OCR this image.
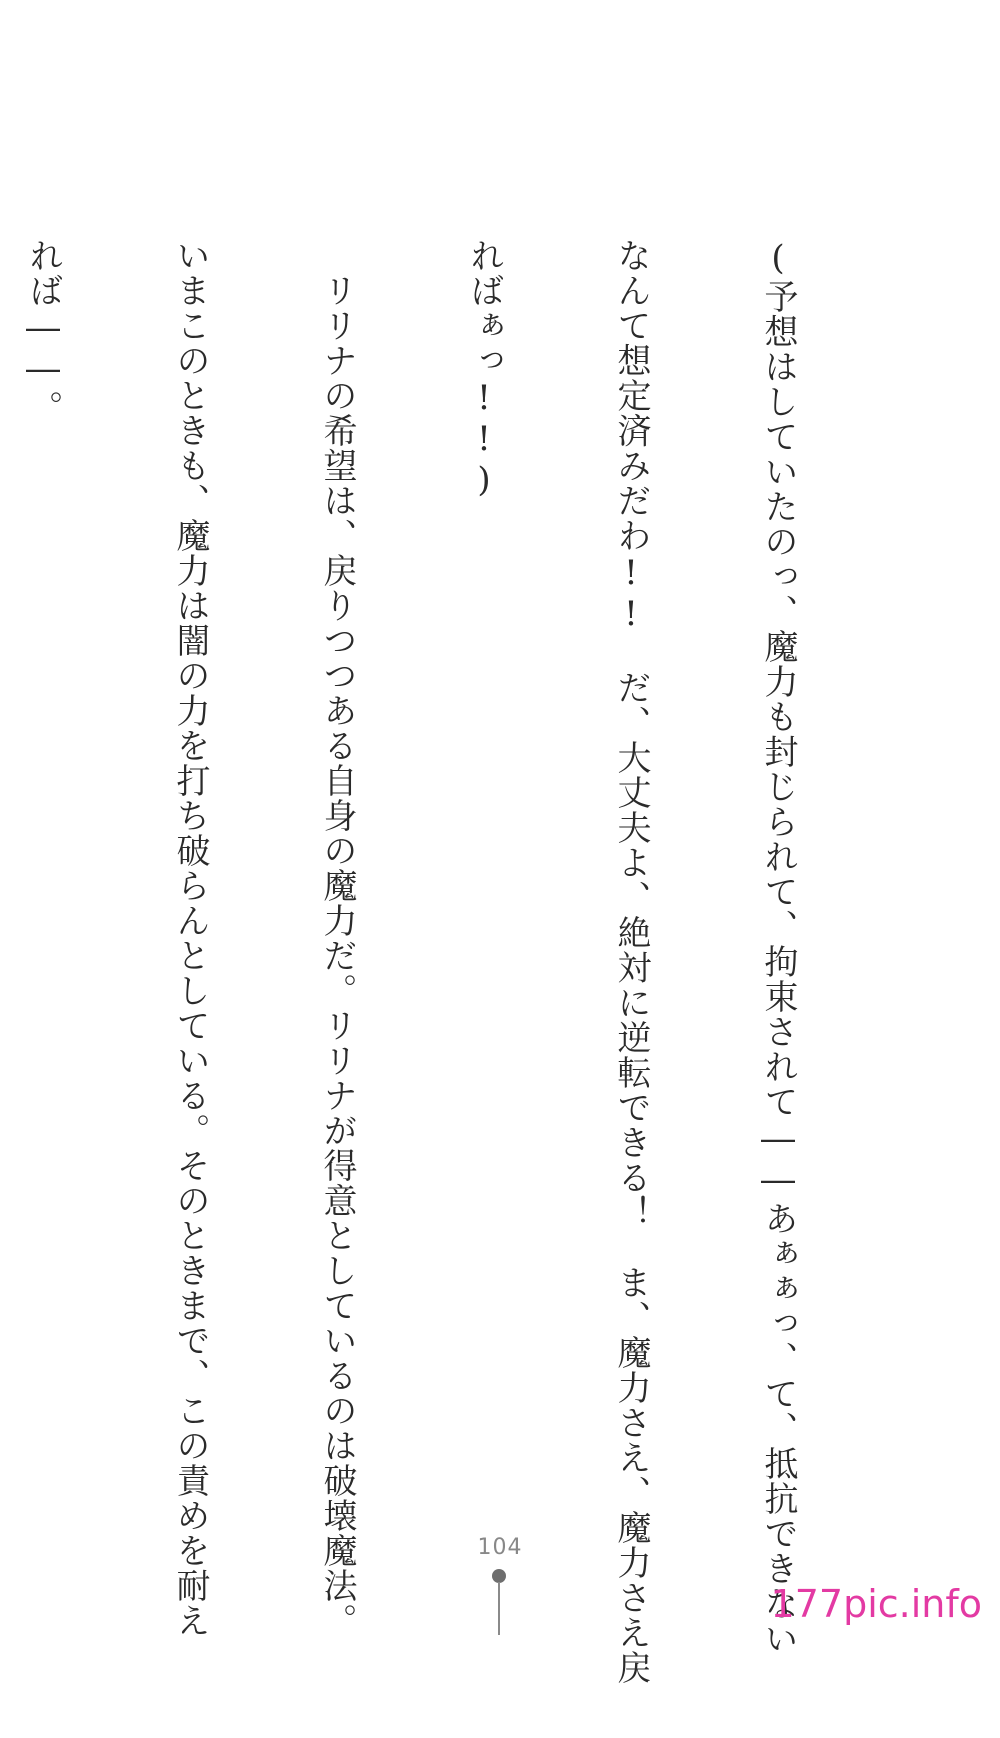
(予想はしていたのっ、魔力も封じられて、拘束されて――あぁぁっ、て、抵抗できない

なんて想定済みだわ!!　だ、大丈夫よ、絶対に逆転できる！　ま、魔力さえ、魔力さえ戻

ればぁっ!!)

　リリナの希望は、戻りつつある自身の魔力だ。リリナが得意としているのは破壊魔法。

いまこのときも、魔力は闇の力を打ち破らんとしている。そのときまで、この責めを耐え

れば――。

104
177pic.info
